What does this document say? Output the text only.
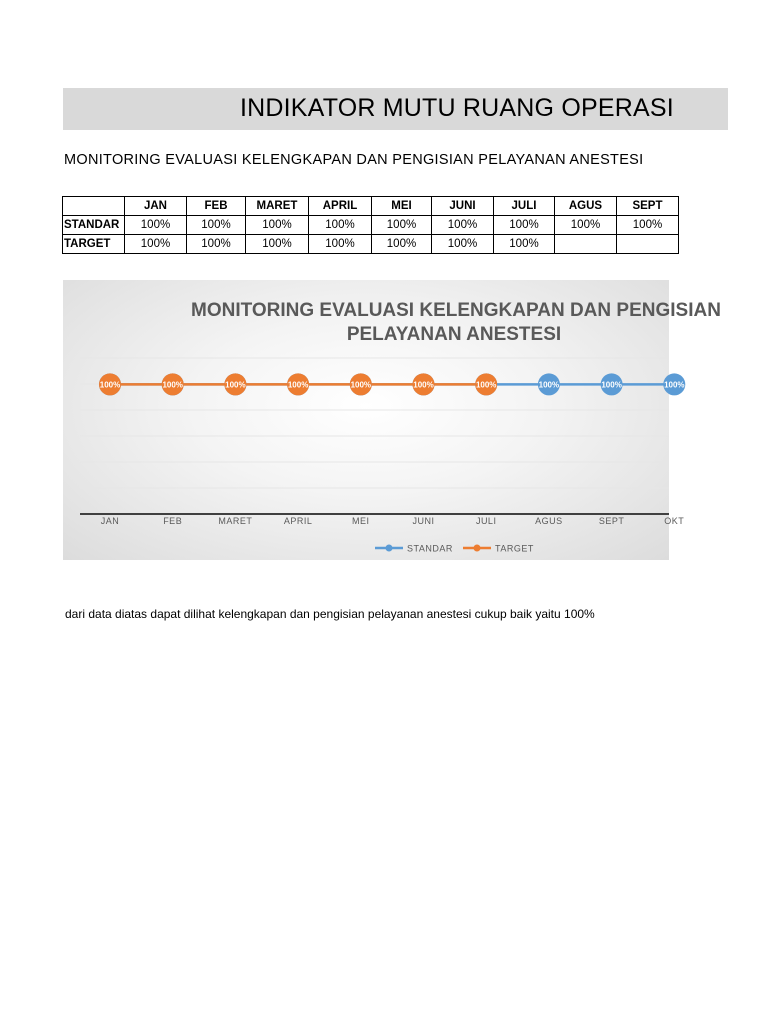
INDIKATOR MUTU RUANG OPERASI
MONITORING EVALUASI KELENGKAPAN DAN PENGISIAN PELAYANAN ANESTESI
	JAN	FEB	MARET	APRIL	MEI	JUNI	JULI	AGUS	SEPT
STANDAR	100%	100%	100%	100%	100%	100%	100%	100%	100%
TARGET	100%	100%	100%	100%	100%	100%	100%		
MONITORING EVALUASI KELENGKAPAN DAN PENGISIAN
PELAYANAN ANESTESI
JAN	FEB	MARET	APRIL	MEI	JUNI	JULI	AGUS	SEPT	OKT
100%	100%	100%	100%	100%	100%	100%	100%	100%	100%
STANDAR	TARGET
dari data diatas dapat dilihat kelengkapan dan pengisian pelayanan anestesi cukup baik yaitu 100%
